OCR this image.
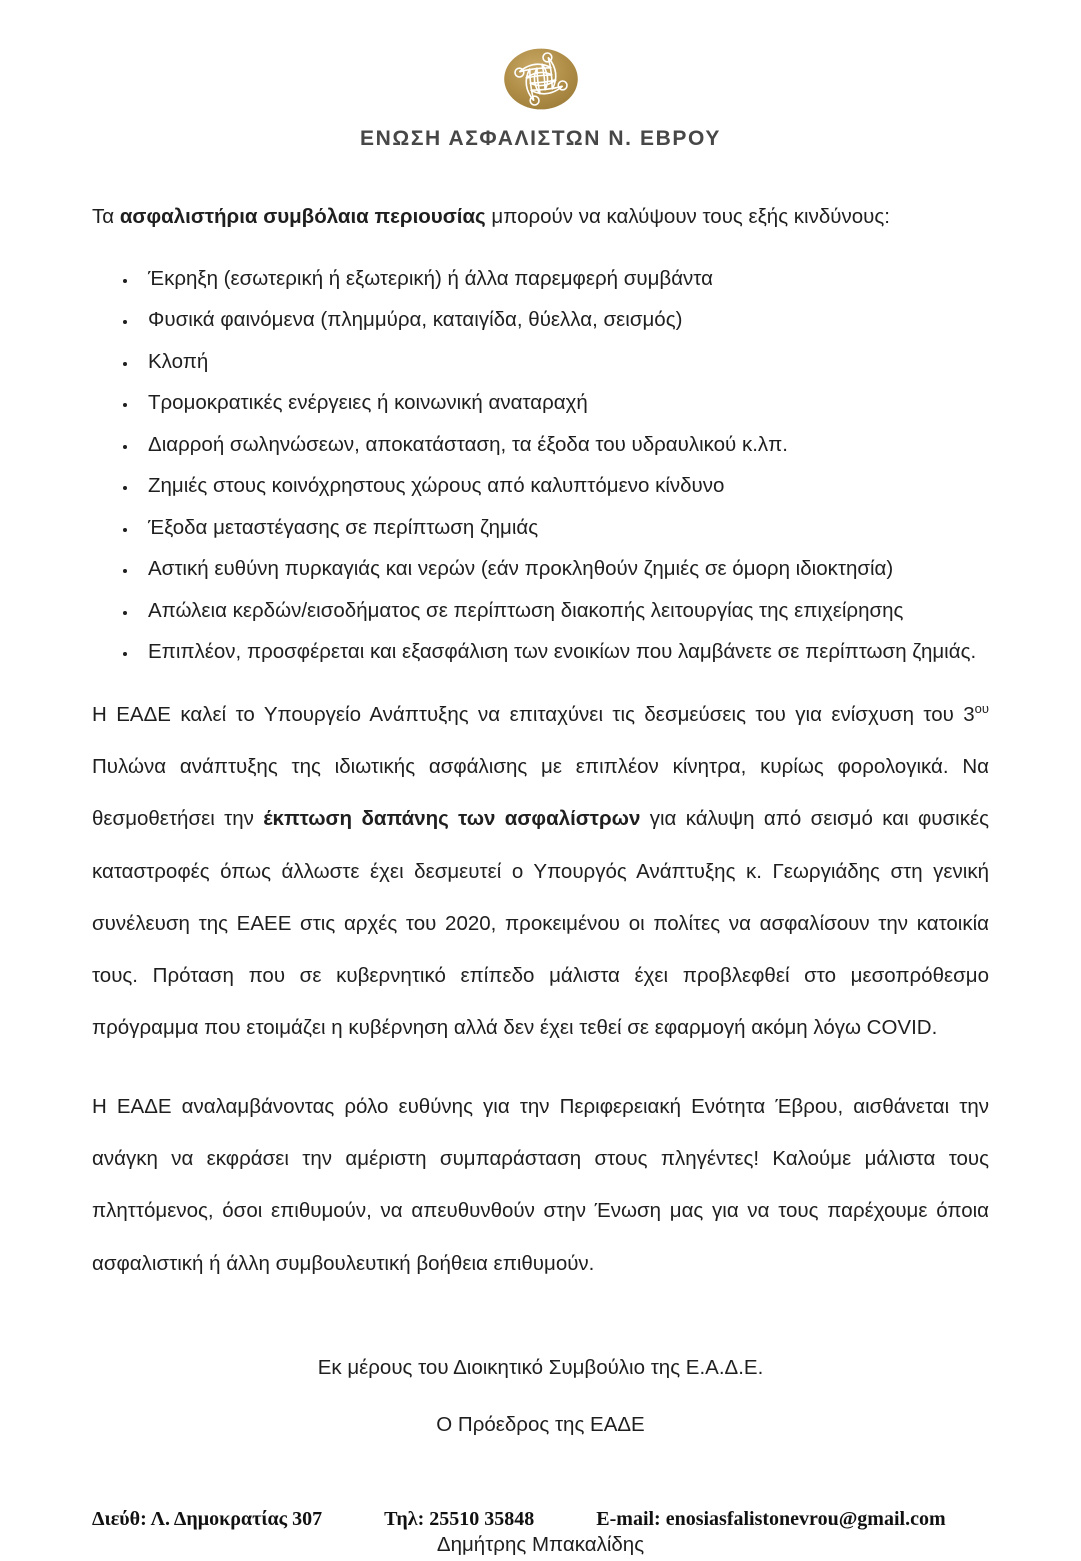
ΕΝΩΣΗ ΑΣΦΑΛΙΣΤΩΝ Ν. ΕΒΡΟΥ

Τα ασφαλιστήρια συμβόλαια περιουσίας μπορούν να καλύψουν τους εξής κινδύνους:

• Έκρηξη (εσωτερική ή εξωτερική) ή άλλα παρεμφερή συμβάντα
• Φυσικά φαινόμενα (πλημμύρα, καταιγίδα, θύελλα, σεισμός)
• Κλοπή
• Τρομοκρατικές ενέργειες ή κοινωνική αναταραχή
• Διαρροή σωληνώσεων, αποκατάσταση, τα έξοδα του υδραυλικού κ.λπ.
• Ζημιές στους κοινόχρηστους χώρους από καλυπτόμενο κίνδυνο
• Έξοδα μεταστέγασης σε περίπτωση ζημιάς
• Αστική ευθύνη πυρκαγιάς και νερών (εάν προκληθούν ζημιές σε όμορη ιδιοκτησία)
• Απώλεια κερδών/εισοδήματος σε περίπτωση διακοπής λειτουργίας της επιχείρησης
• Επιπλέον, προσφέρεται και εξασφάλιση των ενοικίων που λαμβάνετε σε περίπτωση ζημιάς.

Η ΕΑΔΕ καλεί το Υπουργείο Ανάπτυξης να επιταχύνει τις δεσμεύσεις του για ενίσχυση του $3^{o\upsilon}$ Πυλώνα ανάπτυξης της ιδιωτικής ασφάλισης με επιπλέον κίνητρα, κυρίως φορολογικά. Να θεσμοθετήσει την έκπτωση δαπάνης των ασφαλίστρων για κάλυψη από σεισμό και φυσικές καταστροφές όπως άλλωστε έχει δεσμευτεί ο Υπουργός Ανάπτυξης κ. Γεωργιάδης στη γενική συνέλευση της ΕΑΕΕ στις αρχές του 2020, προκειμένου οι πολίτες να ασφαλίσουν την κατοικία τους. Πρόταση που σε κυβερνητικό επίπεδο μάλιστα έχει προβλεφθεί στο μεσοπρόθεσμο πρόγραμμα που ετοιμάζει η κυβέρνηση αλλά δεν έχει τεθεί σε εφαρμογή ακόμη λόγω COVID.

Η ΕΑΔΕ αναλαμβάνοντας ρόλο ευθύνης για την Περιφερειακή Ενότητα Έβρου, αισθάνεται την ανάγκη να εκφράσει την αμέριστη συμπαράσταση στους πληγέντες! Καλούμε μάλιστα τους πληττόμενος, όσοι επιθυμούν, να απευθυνθούν στην Ένωση μας για να τους παρέχουμε όποια ασφαλιστική ή άλλη συμβουλευτική βοήθεια επιθυμούν.

Εκ μέρους του Διοικητικό Συμβούλιο της Ε.Α.Δ.Ε.
Ο Πρόεδρος της ΕΑΔΕ
Δημήτρης Μπακαλίδης
Διεύθ: Λ. Δημοκρατίας 307	Τηλ: 25510 35848	E-mail: enosiasfalistonevrou@gmail.com
